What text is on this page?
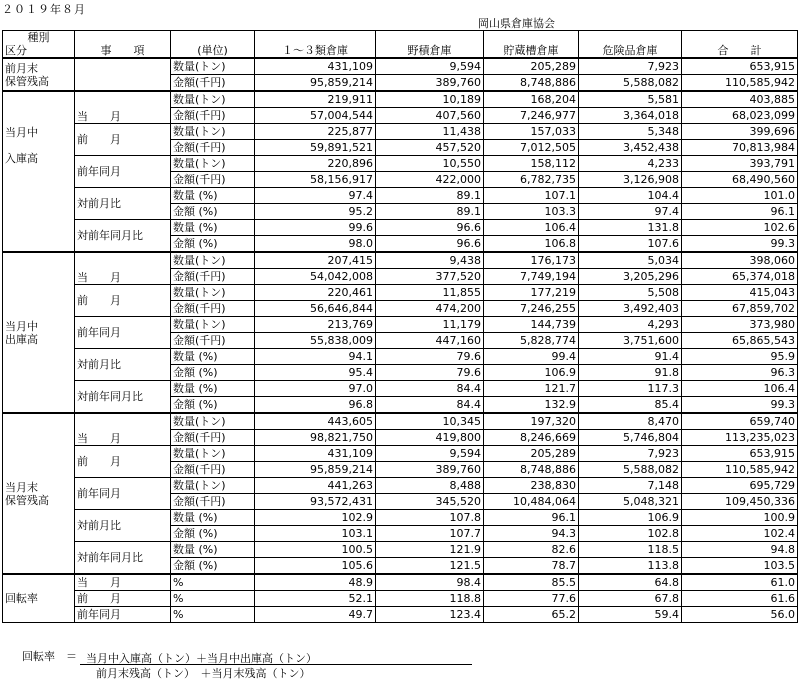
２０１９年８月
岡山県倉庫協会
種別
区分	事　　項	(単位)	１～３類倉庫	野積倉庫	貯蔵槽倉庫	危険品倉庫	合　　計

前月末
保管残高		数量(トン)	431,109	9,594	205,289	7,923	653,915
		金額(千円)	95,859,214	389,760	8,748,886	5,588,082	110,585,942

当月中
入庫高	当　　月	数量(トン)	219,911	10,189	168,204	5,581	403,885
		金額(千円)	57,004,544	407,560	7,246,977	3,364,018	68,023,099
	前　　月	数量(トン)	225,877	11,438	157,033	5,348	399,696
		金額(千円)	59,891,521	457,520	7,012,505	3,452,438	70,813,984
	前年同月	数量(トン)	220,896	10,550	158,112	4,233	393,791
		金額(千円)	58,156,917	422,000	6,782,735	3,126,908	68,490,560
	対前月比	数量 (%)	97.4	89.1	107.1	104.4	101.0
		金額 (%)	95.2	89.1	103.3	97.4	96.1
	対前年同月比	数量 (%)	99.6	96.6	106.4	131.8	102.6
		金額 (%)	98.0	96.6	106.8	107.6	99.3

当月中
出庫高	当　　月	数量(トン)	207,415	9,438	176,173	5,034	398,060
		金額(千円)	54,042,008	377,520	7,749,194	3,205,296	65,374,018
	前　　月	数量(トン)	220,461	11,855	177,219	5,508	415,043
		金額(千円)	56,646,844	474,200	7,246,255	3,492,403	67,859,702
	前年同月	数量(トン)	213,769	11,179	144,739	4,293	373,980
		金額(千円)	55,838,009	447,160	5,828,774	3,751,600	65,865,543
	対前月比	数量 (%)	94.1	79.6	99.4	91.4	95.9
		金額 (%)	95.4	79.6	106.9	91.8	96.3
	対前年同月比	数量 (%)	97.0	84.4	121.7	117.3	106.4
		金額 (%)	96.8	84.4	132.9	85.4	99.3

当月末
保管残高	当　　月	数量(トン)	443,605	10,345	197,320	8,470	659,740
		金額(千円)	98,821,750	419,800	8,246,669	5,746,804	113,235,023
	前　　月	数量(トン)	431,109	9,594	205,289	7,923	653,915
		金額(千円)	95,859,214	389,760	8,748,886	5,588,082	110,585,942
	前年同月	数量(トン)	441,263	8,488	238,830	7,148	695,729
		金額(千円)	93,572,431	345,520	10,484,064	5,048,321	109,450,336
	対前月比	数量 (%)	102.9	107.8	96.1	106.9	100.9
		金額 (%)	103.1	107.7	94.3	102.8	102.4
	対前年同月比	数量 (%)	100.5	121.9	82.6	118.5	94.8
		金額 (%)	105.6	121.5	78.7	113.8	103.5

回転率	当　　月	%	48.9	98.4	85.5	64.8	61.0
	前　　月	%	52.1	118.8	77.6	67.8	61.6
	前年同月	%	49.7	123.4	65.2	59.4	56.0
回転率　＝ 当月中入庫高（トン）＋当月中出庫高（トン）
前月末残高（トン）　＋当月末残高（トン）
